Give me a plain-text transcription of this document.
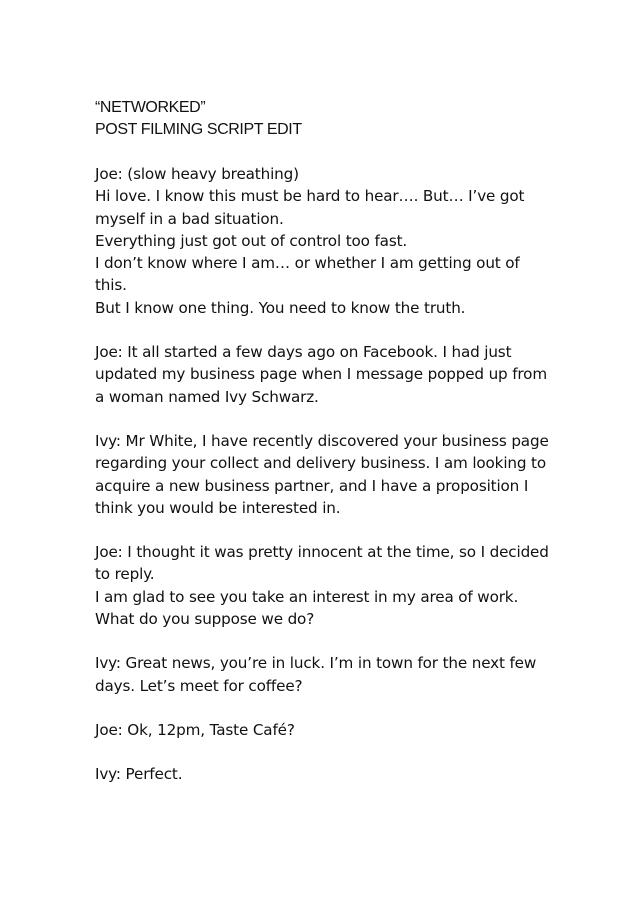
“NETWORKED”

POST FILMING SCRIPT EDIT

Joe: (slow heavy breathing)

Hi love. I know this must be hard to hear…. But… I’ve got myself in a bad situation.

Everything just got out of control too fast.

I don’t know where I am… or whether I am getting out of this.

But I know one thing. You need to know the truth.

Joe: It all started a few days ago on Facebook. I had just updated my business page when I message popped up from a woman named Ivy Schwarz.

Ivy: Mr White, I have recently discovered your business page regarding your collect and delivery business. I am looking to acquire a new business partner, and I have a proposition I think you would be interested in.

Joe: I thought it was pretty innocent at the time, so I decided to reply.

I am glad to see you take an interest in my area of work. What do you suppose we do?

Ivy: Great news, you’re in luck. I’m in town for the next few days. Let’s meet for coffee?

Joe: Ok, 12pm, Taste Café?

Ivy: Perfect.
